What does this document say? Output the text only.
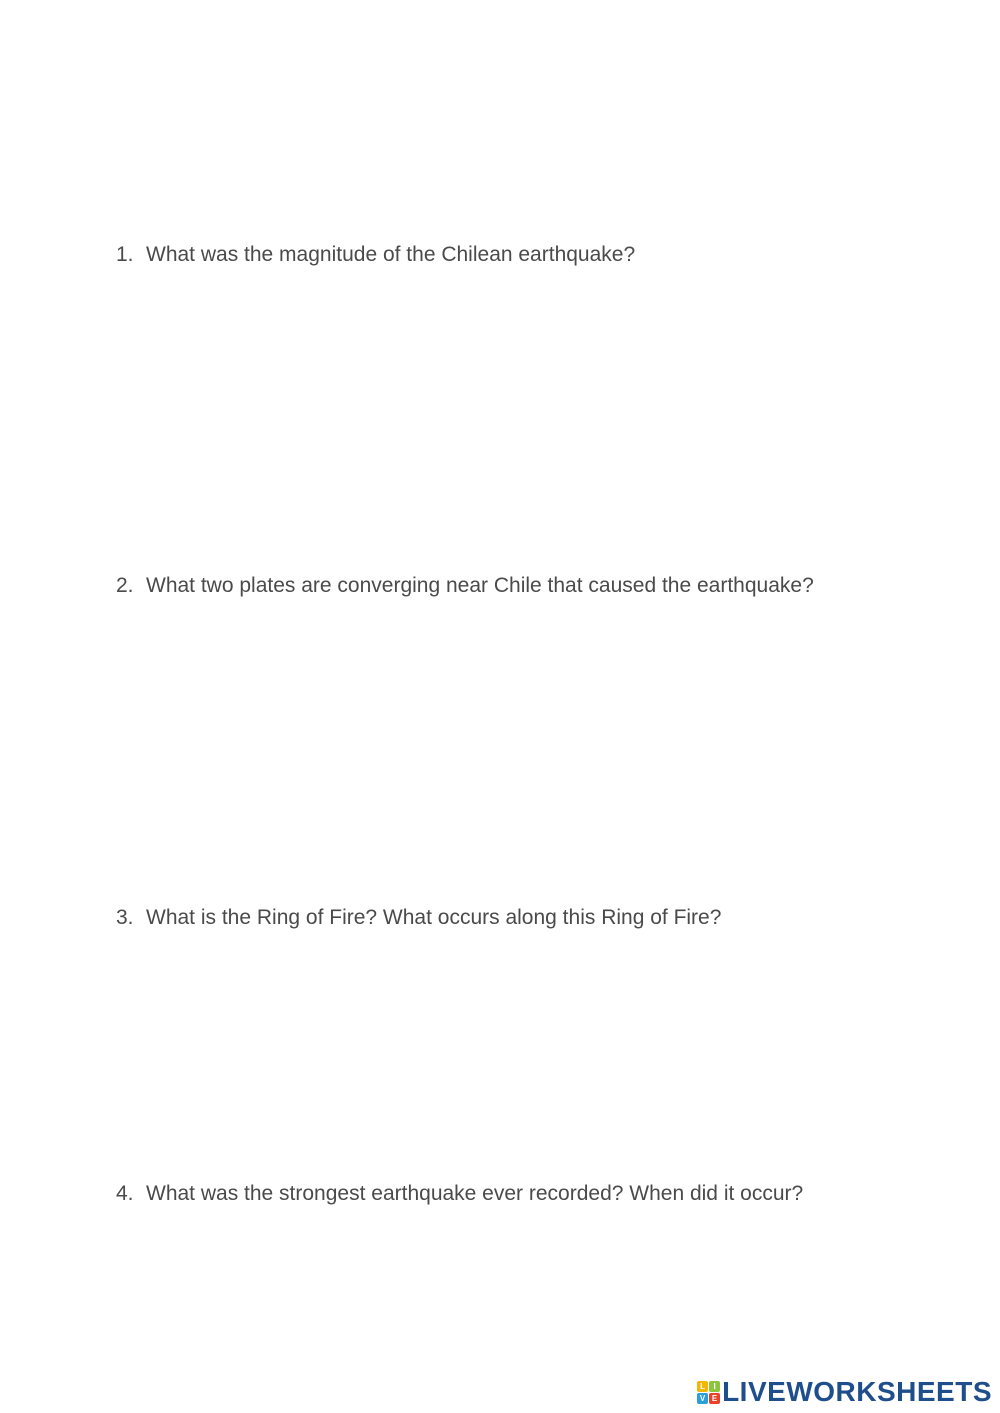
1. What was the magnitude of the Chilean earthquake?
2. What two plates are converging near Chile that caused the earthquake?
3. What is the Ring of Fire? What occurs along this Ring of Fire?
4. What was the strongest earthquake ever recorded? When did it occur?
L	I
V E LIVEWORKSHEETS
